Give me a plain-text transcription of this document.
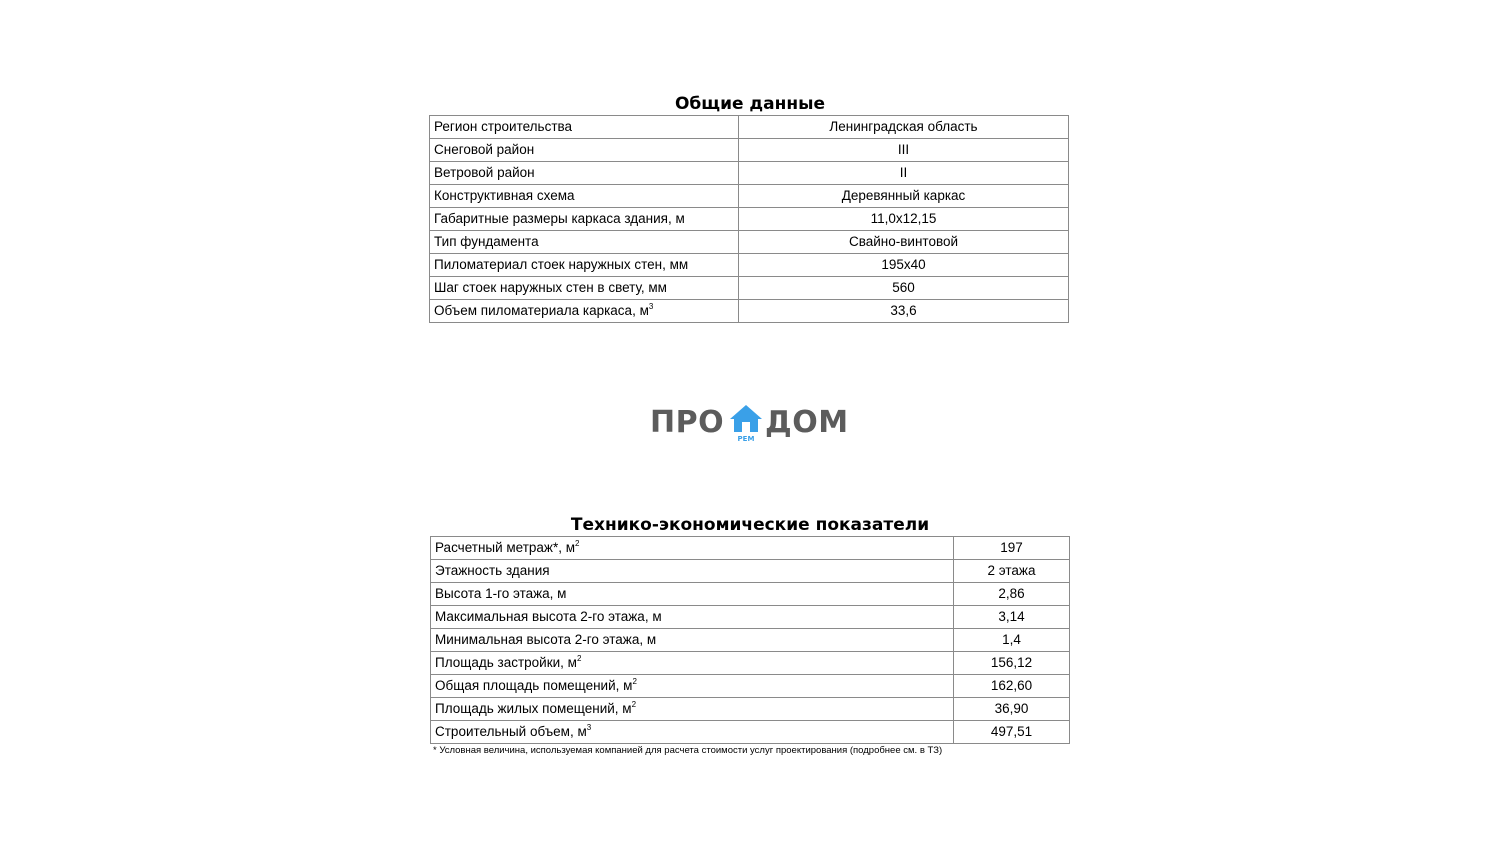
Общие данные
Регион строительства	Ленинградская область
Снеговой район	III
Ветровой район	II
Конструктивная схема	Деревянный каркас
Габаритные размеры каркаса здания, м	11,0x12,15
Тип фундамента	Свайно-винтовой
Пиломатериал стоек наружных стен, мм	195x40
Шаг стоек наружных стен в свету, мм	560
Объем пиломатериала каркаса, $м^3$	33,6
ПРО	РЕМ ДОМ
Технико-экономические показатели
Расчетный метраж*, $м^2$	197
Этажность здания	2 этажа
Высота 1-го этажа, м	2,86
Максимальная высота 2-го этажа, м	3,14
Минимальная высота 2-го этажа, м	1,4
Площадь застройки, $м^2$	156,12
Общая площадь помещений, $м^2$	162,60
Площадь жилых помещений, $м^2$	36,90
Строительный объем, $м^3$	497,51
* Условная величина, используемая компанией для расчета стоимости услуг проектирования (подробнее см. в ТЗ)
